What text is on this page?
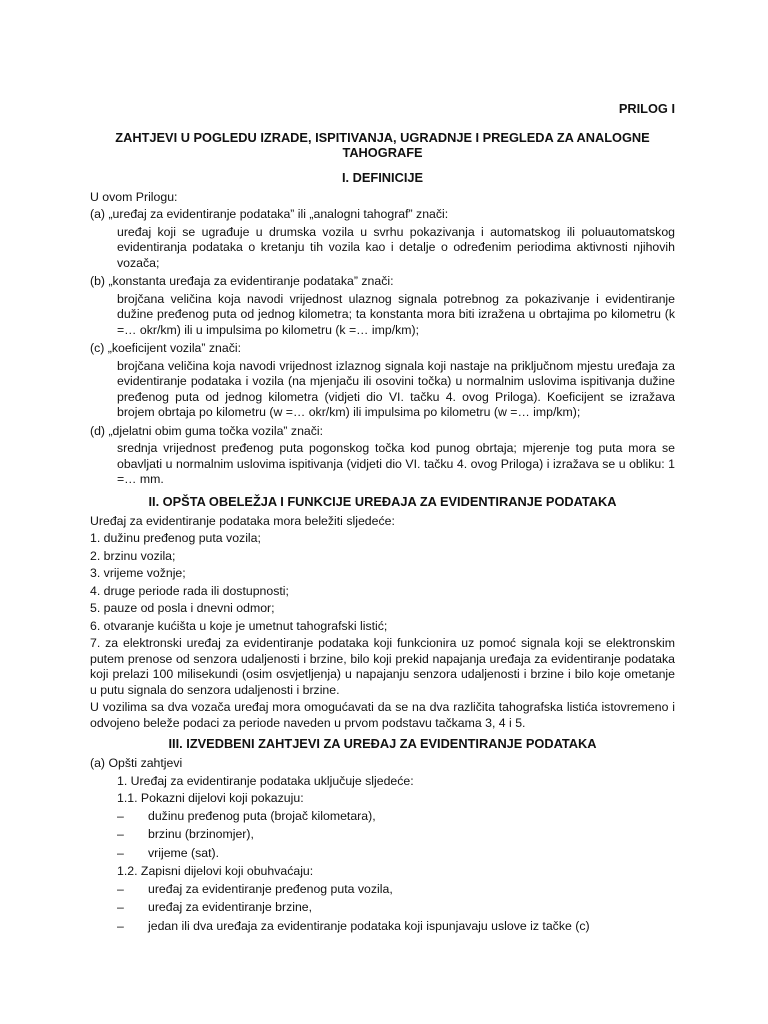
PRILOG I

ZAHTJEVI U POGLEDU IZRADE, ISPITIVANJA, UGRADNJE I PREGLEDA ZA ANALOGNE TAHOGRAFE

I. DEFINICIJE

U ovom Prilogu:

(a) „uređaj za evidentiranje podataka” ili „analogni tahograf” znači:

uređaj koji se ugrađuje u drumska vozila u svrhu pokazivanja i automatskog ili poluautomatskog evidentiranja podataka o kretanju tih vozila kao i detalje o određenim periodima aktivnosti njihovih vozača;

(b) „konstanta uređaja za evidentiranje podataka” znači:

brojčana veličina koja navodi vrijednost ulaznog signala potrebnog za pokazivanje i evidentiranje dužine pređenog puta od jednog kilometra; ta konstanta mora biti izražena u obrtajima po kilometru (k =… okr/km) ili u impulsima po kilometru (k =… imp/km);

(c) „koeficijent vozila” znači:

brojčana veličina koja navodi vrijednost izlaznog signala koji nastaje na priključnom mjestu uređaja za evidentiranje podataka i vozila (na mjenjaču ili osovini točka) u normalnim uslovima ispitivanja dužine pređenog puta od jednog kilometra (vidjeti dio VI. tačku 4. ovog Priloga). Koeficijent se izražava brojem obrtaja po kilometru (w =… okr/km) ili impulsima po kilometru (w =… imp/km);

(d) „djelatni obim guma točka vozila” znači:

srednja vrijednost pređenog puta pogonskog točka kod punog obrtaja; mjerenje tog puta mora se obavljati u normalnim uslovima ispitivanja (vidjeti dio VI. tačku 4. ovog Priloga) i izražava se u obliku: 1 =… mm.

II. OPŠTA OBELEŽJA I FUNKCIJE UREĐAJA ZA EVIDENTIRANJE PODATAKA

Uređaj za evidentiranje podataka mora beležiti sljedeće:

1. dužinu pređenog puta vozila;

2. brzinu vozila;

3. vrijeme vožnje;

4. druge periode rada ili dostupnosti;

5. pauze od posla i dnevni odmor;

6. otvaranje kućišta u koje je umetnut tahografski listić;

7. za elektronski uređaj za evidentiranje podataka koji funkcionira uz pomoć signala koji se elektronskim putem prenose od senzora udaljenosti i brzine, bilo koji prekid napajanja uređaja za evidentiranje podataka koji prelazi 100 milisekundi (osim osvjetljenja) u napajanju senzora udaljenosti i brzine i bilo koje ometanje u putu signala do senzora udaljenosti i brzine.

U vozilima sa dva vozača uređaj mora omogućavati da se na dva različita tahografska listića istovremeno i odvojeno beleže podaci za periode naveden u prvom podstavu tačkama 3, 4 i 5.

III. IZVEDBENI ZAHTJEVI ZA UREĐAJ ZA EVIDENTIRANJE PODATAKA

(a) Opšti zahtjevi

1. Uređaj za evidentiranje podataka uključuje sljedeće:

1.1. Pokazni dijelovi koji pokazuju:

–	dužinu pređenog puta (brojač kilometara),
–	brzinu (brzinomjer),
–	vrijeme (sat).

1.2. Zapisni dijelovi koji obuhvaćaju:

–	uređaj za evidentiranje pređenog puta vozila,
–	uređaj za evidentiranje brzine,
–	jedan ili dva uređaja za evidentiranje podataka koji ispunjavaju uslove iz tačke (c)
